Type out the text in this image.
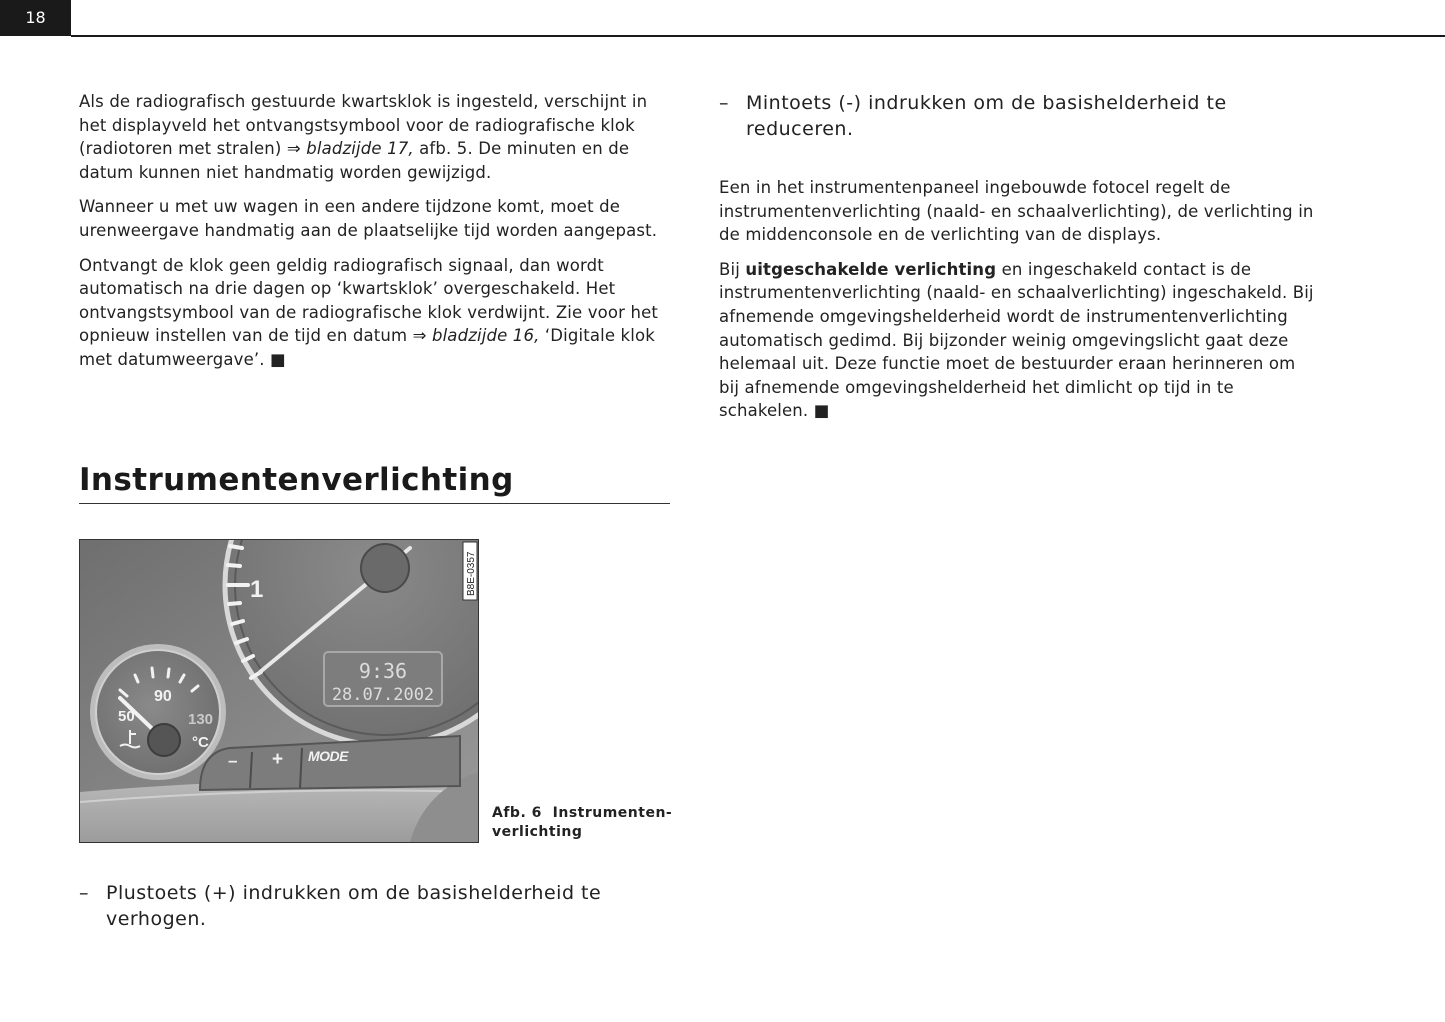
18

Als de radiografisch gestuurde kwartsklok is ingesteld, verschijnt in het displayveld het ontvangstsymbool voor de radiografische klok (radiotoren met stralen) ⇒ bladzijde 17, afb. 5. De minuten en de datum kunnen niet handmatig worden gewijzigd.

Wanneer u met uw wagen in een andere tijdzone komt, moet de urenweergave handmatig aan de plaatselijke tijd worden aangepast.

Ontvangt de klok geen geldig radiografisch signaal, dan wordt automatisch na drie dagen op ‘kwartsklok’ overgeschakeld. Het ontvangstsymbool van de radiografische klok verdwijnt. Zie voor het opnieuw instellen van de tijd en datum ⇒ bladzijde 16, ‘Digitale klok met datumweergave’. ■

Instrumentenverlichting
1
9:36
28.07.2002
50
90
130
°C
– + MODE
B8E-0357
Afb. 6 Instrumenten-
verlichting
– Plustoets (+) indrukken om de basishelderheid te verhogen.
– Mintoets (-) indrukken om de basishelderheid te reduceren.

Een in het instrumentenpaneel ingebouwde fotocel regelt de instrumentenverlichting (naald- en schaalverlichting), de verlichting in de middenconsole en de verlichting van de displays.

Bij uitgeschakelde verlichting en ingeschakeld contact is de instrumentenverlichting (naald- en schaalverlichting) ingeschakeld. Bij afnemende omgevingshelderheid wordt de instrumentenverlichting automatisch gedimd. Bij bijzonder weinig omgevingslicht gaat deze helemaal uit. Deze functie moet de bestuurder eraan herinneren om bij afnemende omgevingshelderheid het dimlicht op tijd in te schakelen. ■
